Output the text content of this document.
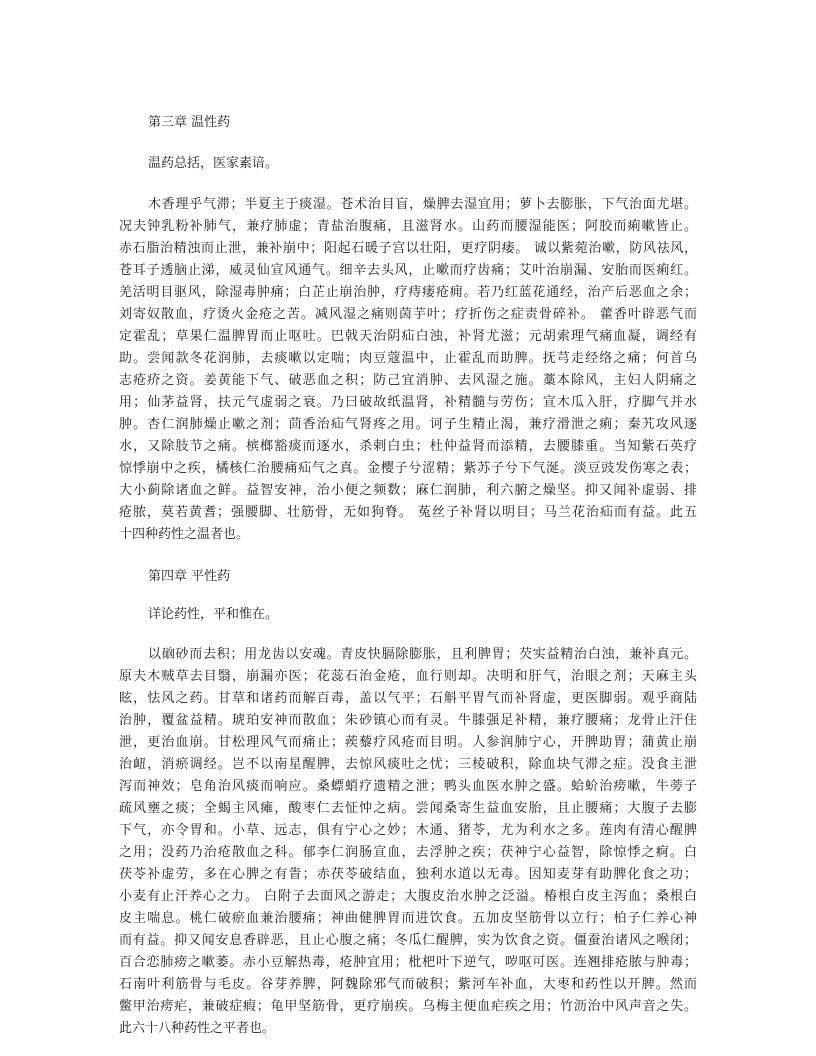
第三章 温性药
温药总括，医家素谙。
木香理乎气滞；半夏主于痰湿。苍术治目盲，燥脾去湿宜用；萝卜去膨胀，下气治面尤堪。
况夫钟乳粉补肺气，兼疗肺虚；青盐治腹痛，且滋肾水。山药而腰湿能医；阿胶而痢嗽皆止。
赤石脂治精浊而止泄，兼补崩中；阳起石暖子宫以壮阳，更疗阴痿。 诚以紫菀治嗽，防风祛风，
苍耳子透脑止涕，威灵仙宣风通气。细辛去头风，止嗽而疗齿痛；艾叶治崩漏、安胎而医痢红。
羌活明目驱风，除湿毒肿痛；白芷止崩治肿，疗痔瘘疮痈。若乃红蓝花通经，治产后恶血之余；
刘寄奴散血，疗烫火金疮之苦。减风湿之痛则茵芋叶；疗折伤之症责骨碎补。 藿香叶辟恶气而
定霍乱；草果仁温脾胃而止呕吐。巴戟天治阴疝白浊，补肾尤滋；元胡索理气痛血凝，调经有
助。尝闻款冬花润肺，去痰嗽以定喘；肉豆蔻温中，止霍乱而助脾。抚芎走经络之痛；何首乌
志疮疥之资。姜黄能下气、破恶血之积；防己宜消肿、去风湿之施。藁本除风，主妇人阴痛之
用；仙茅益肾，扶元气虚弱之衰。乃曰破故纸温肾，补精髓与劳伤；宣木瓜入肝，疗脚气并水
肿。杏仁润肺燥止嗽之剂；茴香治疝气肾疼之用。诃子生精止渴，兼疗滑泄之痢；秦艽攻风逐
水，又除肢节之痛。槟榔豁痰而逐水，杀剌白虫；杜仲益肾而添精，去腰膝重。当知紫石英疗
惊悸崩中之疾，橘核仁治腰痛疝气之真。金樱子兮涩精；紫苏子兮下气涎。淡豆豉发伤寒之表；
大小蓟除诸血之鲜。益智安神，治小便之频数；麻仁润肺，利六腑之燥坚。抑又闻补虚弱、排
疮脓，莫若黄耆；强腰脚、壮筋骨，无如狗脊。 菟丝子补肾以明目；马兰花治疝而有益。此五
十四种药性之温者也。
第四章 平性药
详论药性，平和惟在。
以硇砂而去积；用龙齿以安魂。青皮快膈除膨胀，且利脾胃；芡实益精治白浊，兼补真元。
原夫木贼草去目翳，崩漏亦医；花蕊石治金疮，血行则却。决明和肝气，治眼之剂；天麻主头
眩，怯风之药。甘草和诸药而解百毒，盖以气平；石斛平胃气而补肾虚，更医脚弱。观乎商陆
治肿，覆盆益精。琥珀安神而散血；朱砂镇心而有灵。牛膝强足补精，兼疗腰痛；龙骨止汗住
泄，更治血崩。甘松理风气而痛止；蒺藜疗风疮而目明。人参润肺宁心，开脾助胃；蒲黄止崩
治衄，消瘀调经。岂不以南星醒脾，去惊风痰吐之忧；三棱破积，除血块气滞之症。没食主泄
泻而神效；皂角治风痰而响应。桑螵蛸疗遗精之泄；鸭头血医水肿之盛。蛤蚧治痨嗽，牛蒡子
疏风壅之痰；全蝎主风瘫，酸枣仁去怔忡之病。尝闻桑寄生益血安胎，且止腰痛；大腹子去膨
下气，亦令胃和。小草、远志，俱有宁心之妙；木通、猪苓，尤为利水之多。莲肉有清心醒脾
之用；没药乃治疮散血之科。郁李仁润肠宣血，去浮肿之疾；茯神宁心益智，除惊悸之痾。白
茯苓补虚劳，多在心脾之有眚；赤茯苓破结血，独利水道以无毒。因知麦芽有助脾化食之功；
小麦有止汗养心之力。 白附子去面风之游走；大腹皮治水肿之泛溢。椿根白皮主泻血；桑根白
皮主喘息。桃仁破瘀血兼治腰痛；神曲健脾胃而进饮食。五加皮坚筋骨以立行；柏子仁养心神
而有益。抑又闻安息香辟恶，且止心腹之痛；冬瓜仁醒脾，实为饮食之资。僵蚕治诸风之喉闭；
百合恋肺痨之嗽萎。赤小豆解热毒，疮肿宜用；枇杷叶下逆气，哕呕可医。连翘排疮脓与肿毒；
石南叶利筋骨与毛皮。谷芽养脾，阿魏除邪气而破积；紫河车补血，大枣和药性以开脾。然而
鳖甲治痨疟，兼破症瘕；龟甲坚筋骨，更疗崩疾。乌梅主便血疟疾之用；竹沥治中风声音之失。
此六十八种药性之平者也。
